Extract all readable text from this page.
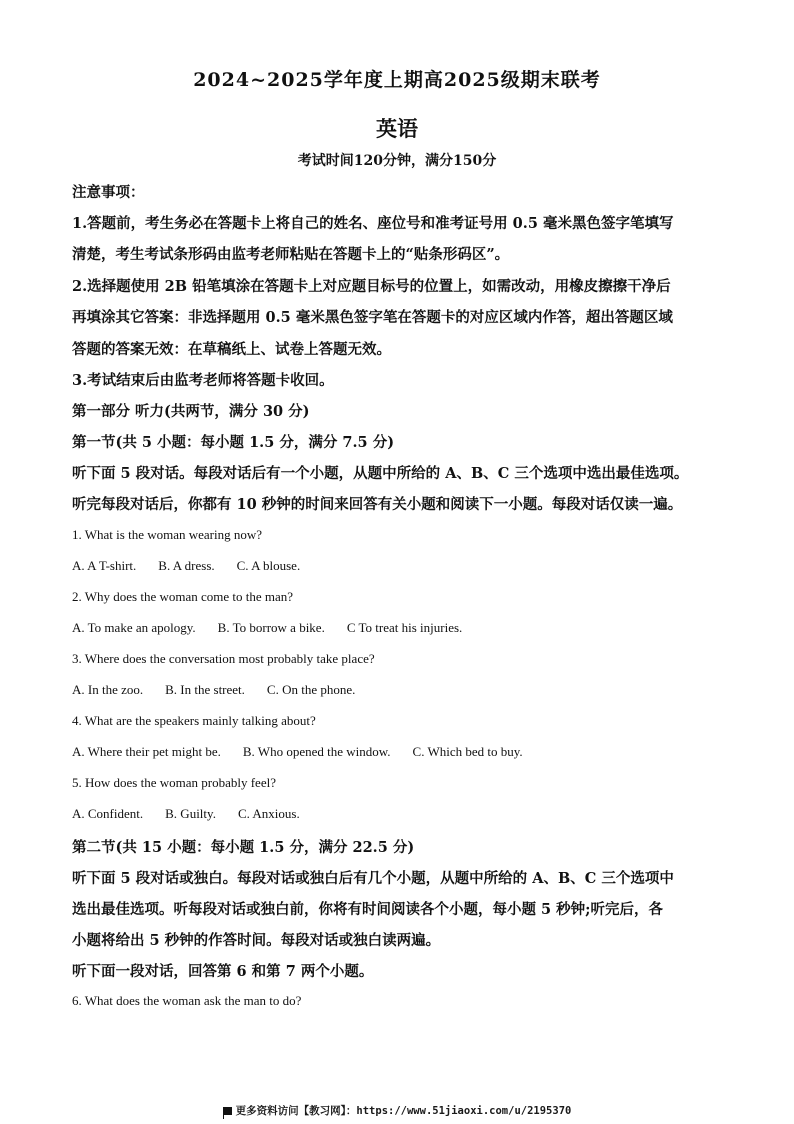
2024~2025学年度上期高2025级期末联考
英语
考试时间120分钟，满分150分
注意事项：
1.答题前，考生务必在答题卡上将自己的姓名、座位号和准考证号用 0.5 毫米黑色签字笔填写
清楚，考生考试条形码由监考老师粘贴在答题卡上的“贴条形码区”。
2.选择题使用 2B 铅笔填涂在答题卡上对应题目标号的位置上，如需改动，用橡皮擦擦干净后
再填涂其它答案：非选择题用 0.5 毫米黑色签字笔在答题卡的对应区域内作答，超出答题区域
答题的答案无效：在草稿纸上、试卷上答题无效。
3.考试结束后由监考老师将答题卡收回。
第一部分 听力(共两节，满分 30 分)
第一节(共 5 小题：每小题 1.5 分，满分 7.5 分)
听下面 5 段对话。每段对话后有一个小题，从题中所给的 A、B、C 三个选项中选出最佳选项。
听完每段对话后，你都有 10 秒钟的时间来回答有关小题和阅读下一小题。每段对话仅读一遍。
1. What is the woman wearing now?
A. A T-shirt. B. A dress. C. A blouse.
2. Why does the woman come to the man?
A. To make an apology. B. To borrow a bike. C To treat his injuries.
3. Where does the conversation most probably take place?
A. In the zoo. B. In the street. C. On the phone.
4. What are the speakers mainly talking about?
A. Where their pet might be. B. Who opened the window. C. Which bed to buy.
5. How does the woman probably feel?
A. Confident. B. Guilty. C. Anxious.
第二节(共 15 小题：每小题 1.5 分，满分 22.5 分)
听下面 5 段对话或独白。每段对话或独白后有几个小题，从题中所给的 A、B、C 三个选项中
选出最佳选项。听每段对话或独白前，你将有时间阅读各个小题，每小题 5 秒钟;听完后，各
小题将给出 5 秒钟的作答时间。每段对话或独白读两遍。
听下面一段对话，回答第 6 和第 7 两个小题。
6. What does the woman ask the man to do?
更多资料访问【教习网】：https://www.51jiaoxi.com/u/2195370
